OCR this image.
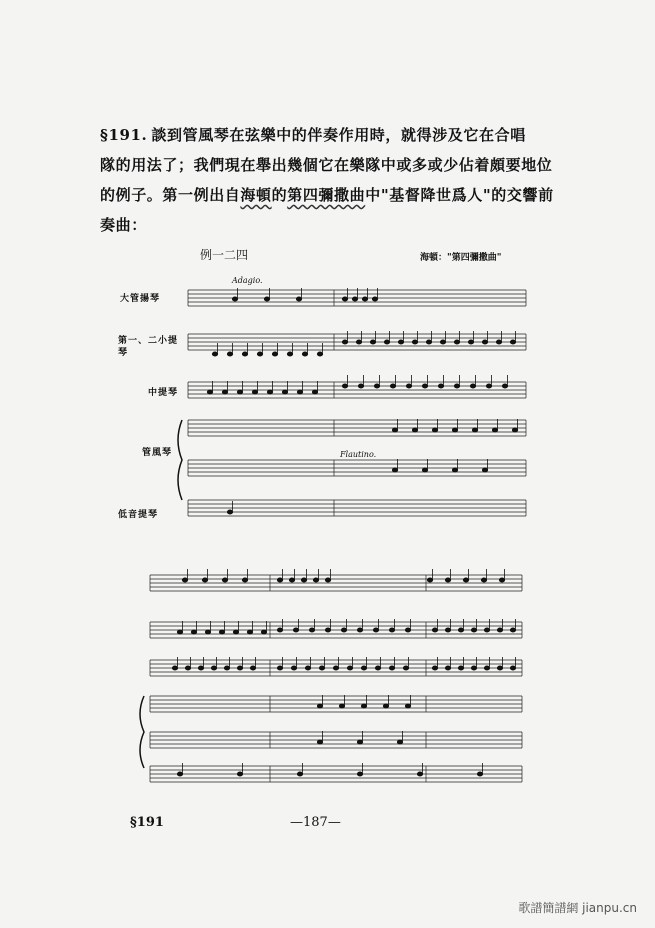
§191. 談到管風琴在弦樂中的伴奏作用時，就得涉及它在合唱
隊的用法了；我們現在舉出幾個它在樂隊中或多或少佔着頗要地位
的例子。第一例出自海頓的第四彌撒曲中"基督降世爲人"的交響前
奏曲：
例一二四	海頓："第四彌撒曲"
大管揚琴
第一、二小提琴
中提琴
管風琴
低音提琴
Adagio.
Flautino.
§191	—187—
歌譜簡譜網 jianpu.cn
